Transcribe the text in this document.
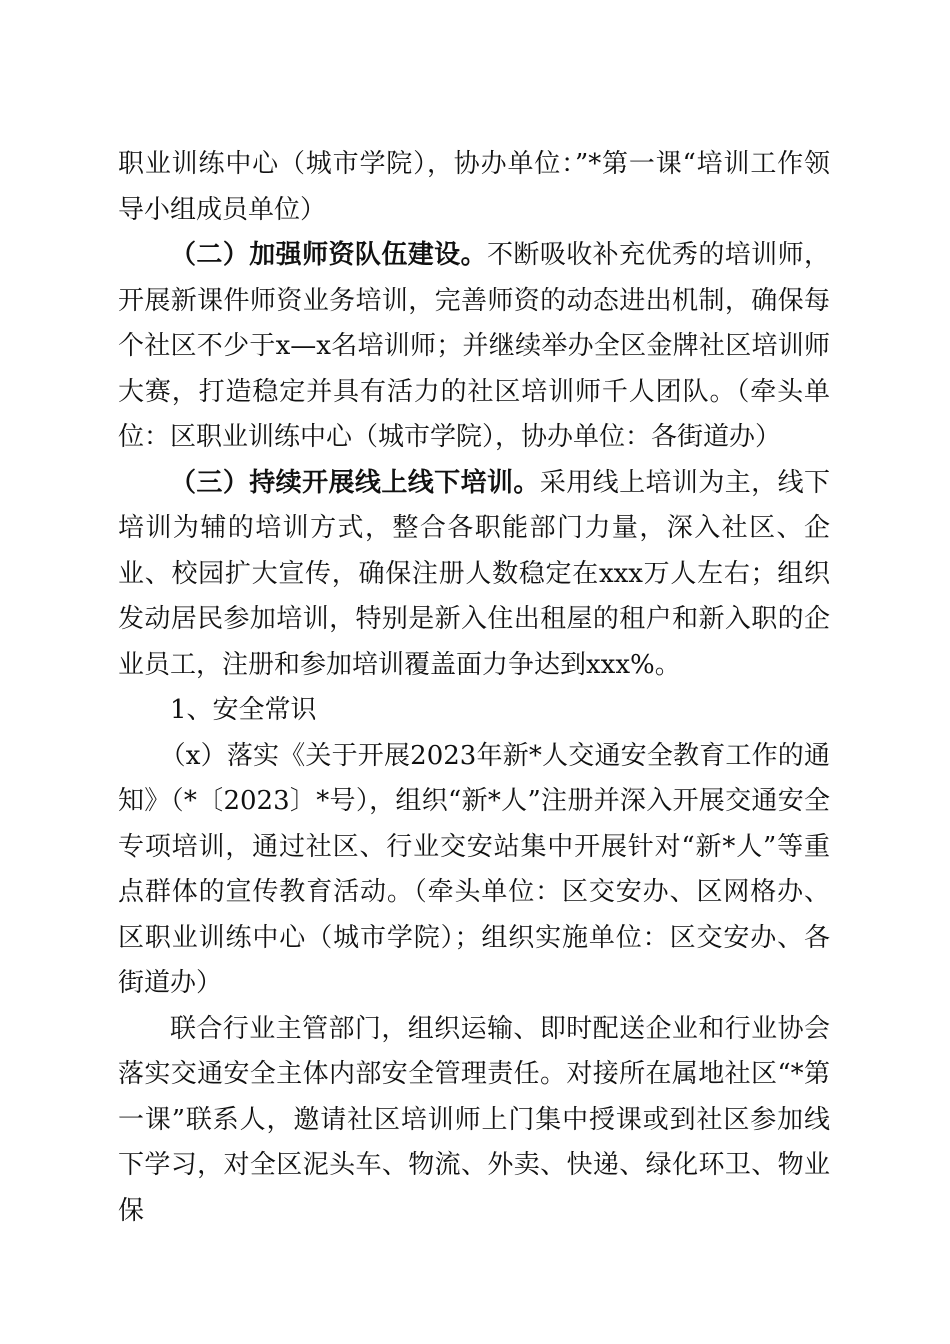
职业训练中心（城市学院），协办单位：”*第一课“培训工作领导小组成员单位）

（二）加强师资队伍建设。不断吸收补充优秀的培训师，开展新课件师资业务培训，完善师资的动态进出机制，确保每个社区不少于x—x名培训师；并继续举办全区金牌社区培训师大赛，打造稳定并具有活力的社区培训师千人团队。（牵头单位：区职业训练中心（城市学院），协办单位：各街道办）

（三）持续开展线上线下培训。采用线上培训为主，线下培训为辅的培训方式，整合各职能部门力量，深入社区、企业、校园扩大宣传，确保注册人数稳定在xxx万人左右；组织发动居民参加培训，特别是新入住出租屋的租户和新入职的企业员工，注册和参加培训覆盖面力争达到xxx%。

1、安全常识

（x）落实《关于开展2023年新*人交通安全教育工作的通知》（*〔2023〕*号），组织“新*人”注册并深入开展交通安全专项培训，通过社区、行业交安站集中开展针对“新*人”等重点群体的宣传教育活动。（牵头单位：区交安办、区网格办、区职业训练中心（城市学院）；组织实施单位：区交安办、各街道办）

联合行业主管部门，组织运输、即时配送企业和行业协会落实交通安全主体内部安全管理责任。对接所在属地社区“*第一课”联系人，邀请社区培训师上门集中授课或到社区参加线下学习，对全区泥头车、物流、外卖、快递、绿化环卫、物业保
